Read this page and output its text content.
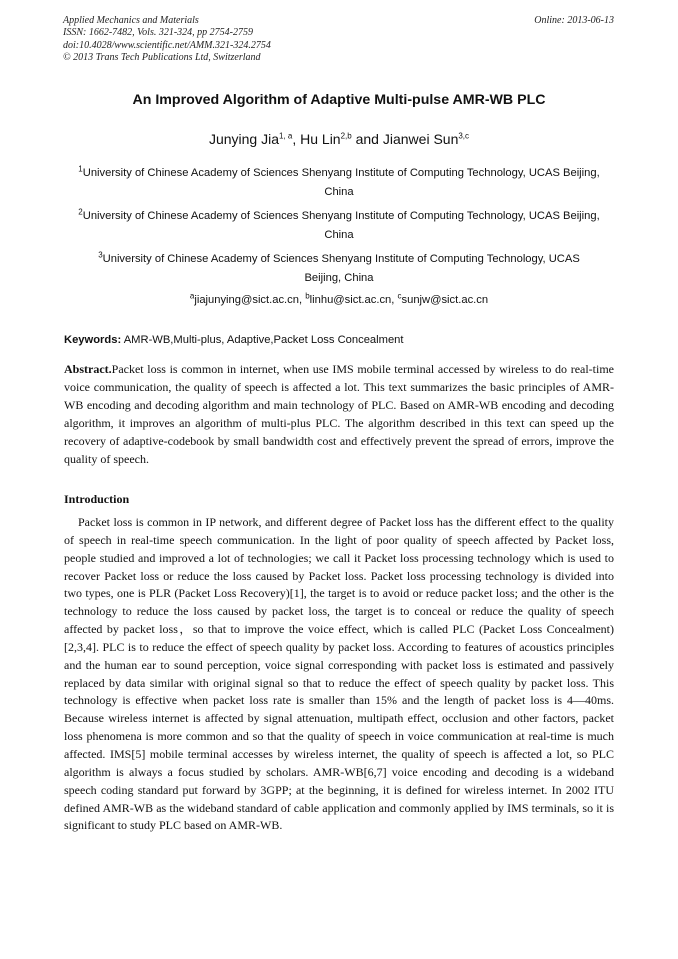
Applied Mechanics and Materials
ISSN: 1662-7482, Vols. 321-324, pp 2754-2759
doi:10.4028/www.scientific.net/AMM.321-324.2754
© 2013 Trans Tech Publications Ltd, Switzerland
Online: 2013-06-13
An Improved Algorithm of Adaptive Multi-pulse AMR-WB PLC
Junying Jia$^{1, a}$, Hu Lin$^{2,b}$ and Jianwei Sun$^{3,c}$
$^1$University of Chinese Academy of Sciences Shenyang Institute of Computing Technology, UCAS Beijing, China
$^2$University of Chinese Academy of Sciences Shenyang Institute of Computing Technology, UCAS Beijing, China
$^3$University of Chinese Academy of Sciences Shenyang Institute of Computing Technology, UCAS Beijing, China
$^a$jiajunying@sict.ac.cn, $^b$linhu@sict.ac.cn, $^c$sunjw@sict.ac.cn
Keywords: AMR-WB,Multi-plus, Adaptive,Packet Loss Concealment
Abstract.Packet loss is common in internet, when use IMS mobile terminal accessed by wireless to do real-time voice communication, the quality of speech is affected a lot. This text summarizes the basic principles of AMR-WB encoding and decoding algorithm and main technology of PLC. Based on AMR-WB encoding and decoding algorithm, it improves an algorithm of multi-plus PLC. The algorithm described in this text can speed up the recovery of adaptive-codebook by small bandwidth cost and effectively prevent the spread of errors, improve the quality of speech.
Introduction
Packet loss is common in IP network, and different degree of Packet loss has the different effect to the quality of speech in real-time speech communication. In the light of poor quality of speech affected by Packet loss, people studied and improved a lot of technologies; we call it Packet loss processing technology which is used to recover Packet loss or reduce the loss caused by Packet loss. Packet loss processing technology is divided into two types, one is PLR (Packet Loss Recovery)[1], the target is to avoid or reduce packet loss; and the other is the technology to reduce the loss caused by packet loss, the target is to conceal or reduce the quality of speech affected by packet loss，so that to improve the voice effect, which is called PLC (Packet Loss Concealment) [2,3,4]. PLC is to reduce the effect of speech quality by packet loss. According to features of acoustics principles and the human ear to sound perception, voice signal corresponding with packet loss is estimated and passively replaced by data similar with original signal so that to reduce the effect of speech quality by packet loss. This technology is effective when packet loss rate is smaller than 15% and the length of packet loss is 4—40ms. Because wireless internet is affected by signal attenuation, multipath effect, occlusion and other factors, packet loss phenomena is more common and so that the quality of speech in voice communication at real-time is much affected. IMS[5] mobile terminal accesses by wireless internet, the quality of speech is affected a lot, so PLC algorithm is always a focus studied by scholars. AMR-WB[6,7] voice encoding and decoding is a wideband speech coding standard put forward by 3GPP; at the beginning, it is defined for wireless internet. In 2002 ITU defined AMR-WB as the wideband standard of cable application and commonly applied by IMS terminals, so it is significant to study PLC based on AMR-WB.
